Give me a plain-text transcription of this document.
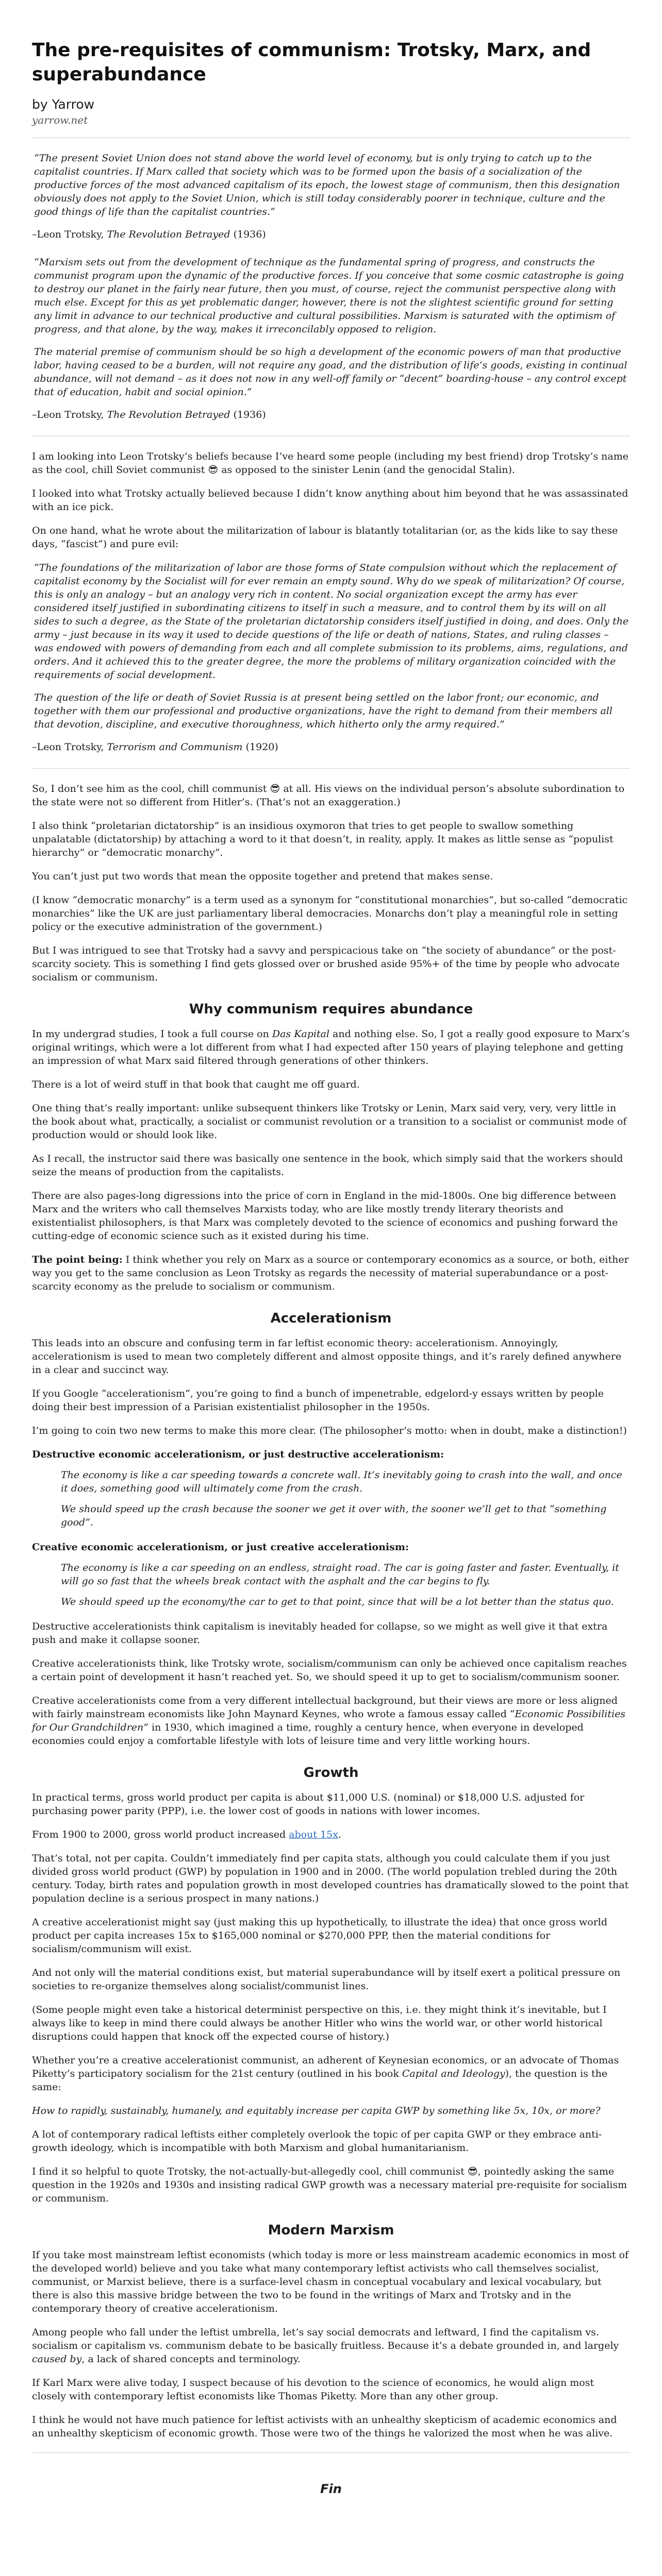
The pre-requisites of communism: Trotsky, Marx, and superabundance
by Yarrow
yarrow.net

“The present Soviet Union does not stand above the world level of economy, but is only trying to catch up to the capitalist countries. If Marx called that society which was to be formed upon the basis of a socialization of the productive forces of the most advanced capitalism of its epoch, the lowest stage of communism, then this designation obviously does not apply to the Soviet Union, which is still today considerably poorer in technique, culture and the good things of life than the capitalist countries.”

–Leon Trotsky, The Revolution Betrayed (1936)

“Marxism sets out from the development of technique as the fundamental spring of progress, and constructs the communist program upon the dynamic of the productive forces. If you conceive that some cosmic catastrophe is going to destroy our planet in the fairly near future, then you must, of course, reject the communist perspective along with much else. Except for this as yet problematic danger, however, there is not the slightest scientific ground for setting any limit in advance to our technical productive and cultural possibilities. Marxism is saturated with the optimism of progress, and that alone, by the way, makes it irreconcilably opposed to religion.

The material premise of communism should be so high a development of the economic powers of man that productive labor, having ceased to be a burden, will not require any goad, and the distribution of life’s goods, existing in continual abundance, will not demand – as it does not now in any well-off family or “decent” boarding-house – any control except that of education, habit and social opinion.”

–Leon Trotsky, The Revolution Betrayed (1936)

I am looking into Leon Trotsky’s beliefs because I’ve heard some people (including my best friend) drop Trotsky’s name as the cool, chill Soviet communist 😎 as opposed to the sinister Lenin (and the genocidal Stalin).

I looked into what Trotsky actually believed because I didn’t know anything about him beyond that he was assassinated with an ice pick.

On one hand, what he wrote about the militarization of labour is blatantly totalitarian (or, as the kids like to say these days, “fascist”) and pure evil:

“The foundations of the militarization of labor are those forms of State compulsion without which the replacement of capitalist economy by the Socialist will for ever remain an empty sound. Why do we speak of militarization? Of course, this is only an analogy – but an analogy very rich in content. No social organization except the army has ever considered itself justified in subordinating citizens to itself in such a measure, and to control them by its will on all sides to such a degree, as the State of the proletarian dictatorship considers itself justified in doing, and does. Only the army – just because in its way it used to decide questions of the life or death of nations, States, and ruling classes – was endowed with powers of demanding from each and all complete submission to its problems, aims, regulations, and orders. And it achieved this to the greater degree, the more the problems of military organization coincided with the requirements of social development.

The question of the life or death of Soviet Russia is at present being settled on the labor front; our economic, and together with them our professional and productive organizations, have the right to demand from their members all that devotion, discipline, and executive thoroughness, which hitherto only the army required.”

–Leon Trotsky, Terrorism and Communism (1920)

So, I don’t see him as the cool, chill communist 😎 at all. His views on the individual person’s absolute subordination to the state were not so different from Hitler’s. (That’s not an exaggeration.)

I also think “proletarian dictatorship” is an insidious oxymoron that tries to get people to swallow something unpalatable (dictatorship) by attaching a word to it that doesn’t, in reality, apply. It makes as little sense as “populist hierarchy” or “democratic monarchy”.

You can’t just put two words that mean the opposite together and pretend that makes sense.

(I know “democratic monarchy” is a term used as a synonym for “constitutional monarchies”, but so-called “democratic monarchies” like the UK are just parliamentary liberal democracies. Monarchs don’t play a meaningful role in setting policy or the executive administration of the government.)

But I was intrigued to see that Trotsky had a savvy and perspicacious take on “the society of abundance” or the post-scarcity society. This is something I find gets glossed over or brushed aside 95%+ of the time by people who advocate socialism or communism.

Why communism requires abundance

In my undergrad studies, I took a full course on Das Kapital and nothing else. So, I got a really good exposure to Marx’s original writings, which were a lot different from what I had expected after 150 years of playing telephone and getting an impression of what Marx said filtered through generations of other thinkers.

There is a lot of weird stuff in that book that caught me off guard.

One thing that’s really important: unlike subsequent thinkers like Trotsky or Lenin, Marx said very, very, very little in the book about what, practically, a socialist or communist revolution or a transition to a socialist or communist mode of production would or should look like.

As I recall, the instructor said there was basically one sentence in the book, which simply said that the workers should seize the means of production from the capitalists.

There are also pages-long digressions into the price of corn in England in the mid-1800s. One big difference between Marx and the writers who call themselves Marxists today, who are like mostly trendy literary theorists and existentialist philosophers, is that Marx was completely devoted to the science of economics and pushing forward the cutting-edge of economic science such as it existed during his time.

The point being: I think whether you rely on Marx as a source or contemporary economics as a source, or both, either way you get to the same conclusion as Leon Trotsky as regards the necessity of material superabundance or a post-scarcity economy as the prelude to socialism or communism.

Accelerationism

This leads into an obscure and confusing term in far leftist economic theory: accelerationism. Annoyingly, accelerationism is used to mean two completely different and almost opposite things, and it’s rarely defined anywhere in a clear and succinct way.

If you Google “accelerationism”, you’re going to find a bunch of impenetrable, edgelord-y essays written by people doing their best impression of a Parisian existentialist philosopher in the 1950s.

I’m going to coin two new terms to make this more clear. (The philosopher’s motto: when in doubt, make a distinction!)

Destructive economic accelerationism, or just destructive accelerationism:

The economy is like a car speeding towards a concrete wall. It’s inevitably going to crash into the wall, and once it does, something good will ultimately come from the crash.

We should speed up the crash because the sooner we get it over with, the sooner we’ll get to that “something good”.

Creative economic accelerationism, or just creative accelerationism:

The economy is like a car speeding on an endless, straight road. The car is going faster and faster. Eventually, it will go so fast that the wheels break contact with the asphalt and the car begins to fly.

We should speed up the economy/the car to get to that point, since that will be a lot better than the status quo.

Destructive accelerationists think capitalism is inevitably headed for collapse, so we might as well give it that extra push and make it collapse sooner.

Creative accelerationists think, like Trotsky wrote, socialism/communism can only be achieved once capitalism reaches a certain point of development it hasn’t reached yet. So, we should speed it up to get to socialism/communism sooner.

Creative accelerationists come from a very different intellectual background, but their views are more or less aligned with fairly mainstream economists like John Maynard Keynes, who wrote a famous essay called “Economic Possibilities for Our Grandchildren” in 1930, which imagined a time, roughly a century hence, when everyone in developed economies could enjoy a comfortable lifestyle with lots of leisure time and very little working hours.

Growth

In practical terms, gross world product per capita is about $11,000 U.S. (nominal) or $18,000 U.S. adjusted for purchasing power parity (PPP), i.e. the lower cost of goods in nations with lower incomes.

From 1900 to 2000, gross world product increased about 15x.

That’s total, not per capita. Couldn’t immediately find per capita stats, although you could calculate them if you just divided gross world product (GWP) by population in 1900 and in 2000. (The world population trebled during the 20th century. Today, birth rates and population growth in most developed countries has dramatically slowed to the point that population decline is a serious prospect in many nations.)

A creative accelerationist might say (just making this up hypothetically, to illustrate the idea) that once gross world product per capita increases 15x to $165,000 nominal or $270,000 PPP, then the material conditions for socialism/communism will exist.

And not only will the material conditions exist, but material superabundance will by itself exert a political pressure on societies to re-organize themselves along socialist/communist lines.

(Some people might even take a historical determinist perspective on this, i.e. they might think it’s inevitable, but I always like to keep in mind there could always be another Hitler who wins the world war, or other world historical disruptions could happen that knock off the expected course of history.)

Whether you’re a creative accelerationist communist, an adherent of Keynesian economics, or an advocate of Thomas Piketty’s participatory socialism for the 21st century (outlined in his book Capital and Ideology), the question is the same:

How to rapidly, sustainably, humanely, and equitably increase per capita GWP by something like 5x, 10x, or more?

A lot of contemporary radical leftists either completely overlook the topic of per capita GWP or they embrace anti-growth ideology, which is incompatible with both Marxism and global humanitarianism.

I find it so helpful to quote Trotsky, the not-actually-but-allegedly cool, chill communist 😎, pointedly asking the same question in the 1920s and 1930s and insisting radical GWP growth was a necessary material pre-requisite for socialism or communism.

Modern Marxism

If you take most mainstream leftist economists (which today is more or less mainstream academic economics in most of the developed world) believe and you take what many contemporary leftist activists who call themselves socialist, communist, or Marxist believe, there is a surface-level chasm in conceptual vocabulary and lexical vocabulary, but there is also this massive bridge between the two to be found in the writings of Marx and Trotsky and in the contemporary theory of creative accelerationism.

Among people who fall under the leftist umbrella, let’s say social democrats and leftward, I find the capitalism vs. socialism or capitalism vs. communism debate to be basically fruitless. Because it’s a debate grounded in, and largely caused by, a lack of shared concepts and terminology.

If Karl Marx were alive today, I suspect because of his devotion to the science of economics, he would align most closely with contemporary leftist economists like Thomas Piketty. More than any other group.

I think he would not have much patience for leftist activists with an unhealthy skepticism of academic economics and an unhealthy skepticism of economic growth. Those were two of the things he valorized the most when he was alive.

Fin
